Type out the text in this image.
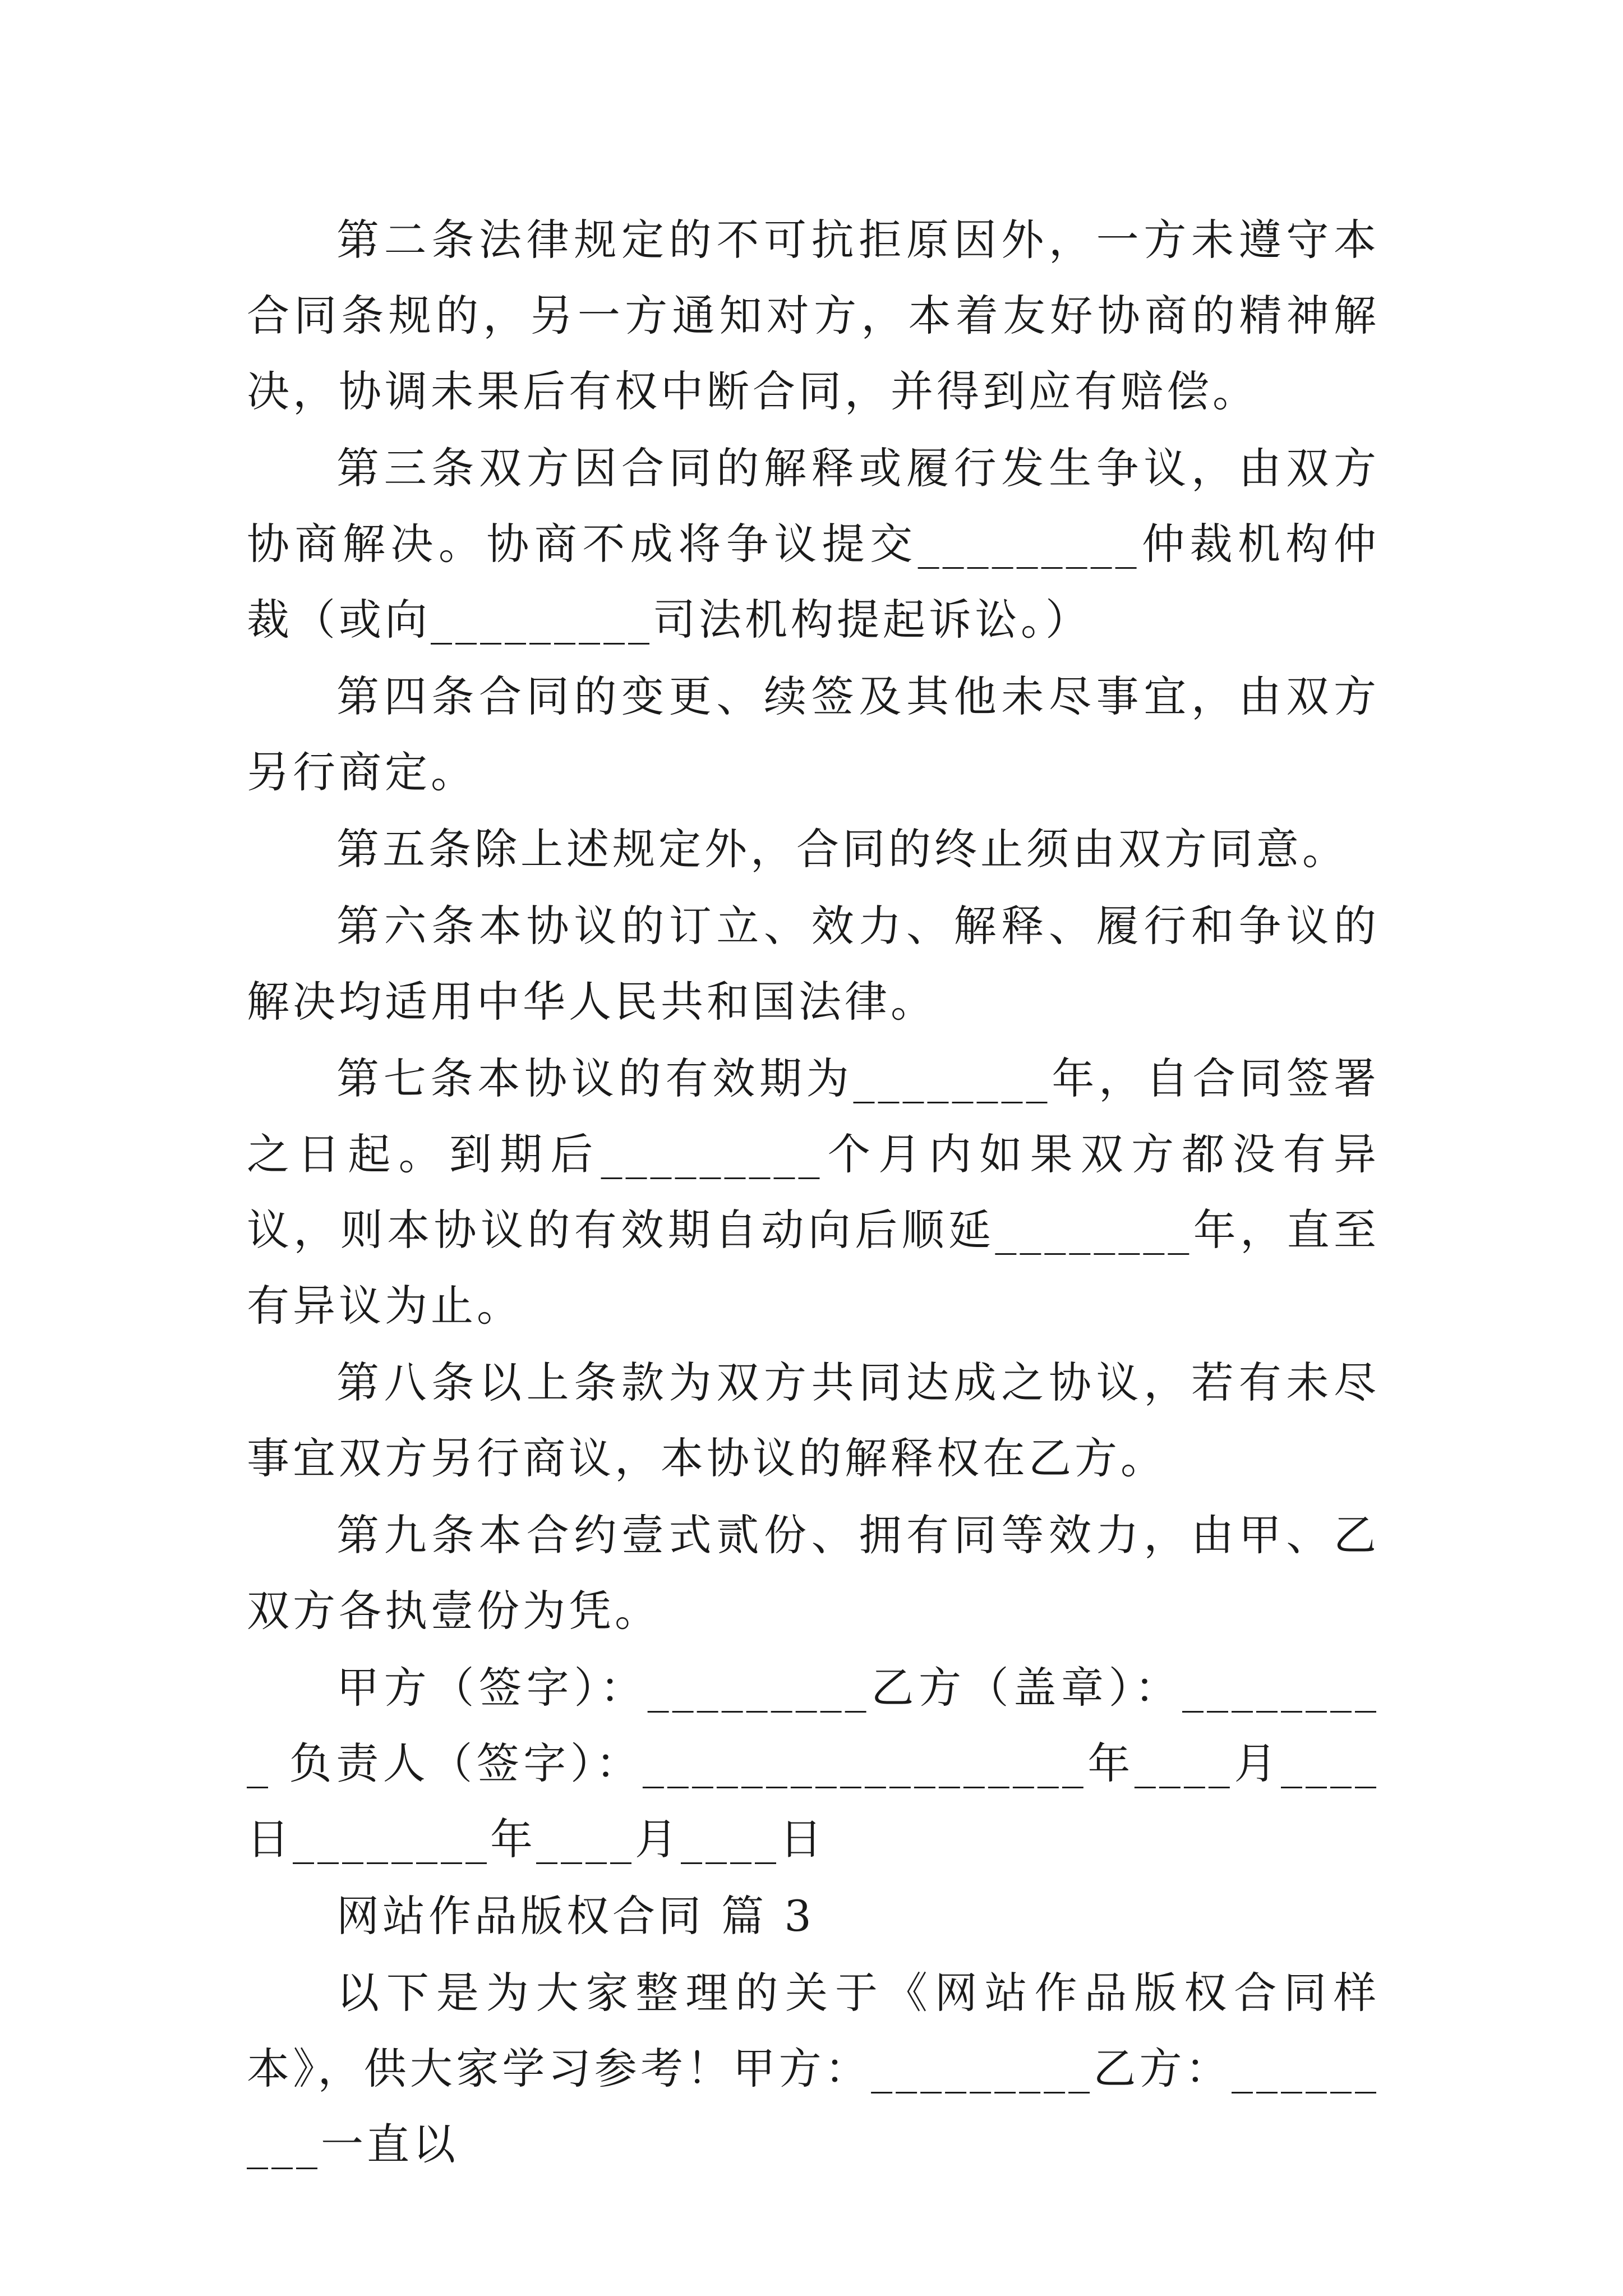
第二条法律规定的不可抗拒原因外，一方未遵守本合同条规的，另一方通知对方，本着友好协商的精神解决，协调未果后有权中断合同，并得到应有赔偿。

第三条双方因合同的解释或履行发生争议，由双方协商解决。协商不成将争议提交_________仲裁机构仲裁（或向_________司法机构提起诉讼。）

第四条合同的变更、续签及其他未尽事宜，由双方另行商定。

第五条除上述规定外，合同的终止须由双方同意。

第六条本协议的订立、效力、解释、履行和争议的解决均适用中华人民共和国法律。

第七条本协议的有效期为________年，自合同签署之日起。到期后_________个月内如果双方都没有异议，则本协议的有效期自动向后顺延________年，直至有异议为止。

第八条以上条款为双方共同达成之协议，若有未尽事宜双方另行商议，本协议的解释权在乙方。

第九条本合约壹式贰份、拥有同等效力，由甲、乙双方各执壹份为凭。

甲方（签字）：_________乙方（盖章）：_________ 负责人（签字）：__________________年____月____日________年____月____日

网站作品版权合同 篇 3

以下是为大家整理的关于《网站作品版权合同样本》，供大家学习参考！甲方：_________乙方：_________一直以
